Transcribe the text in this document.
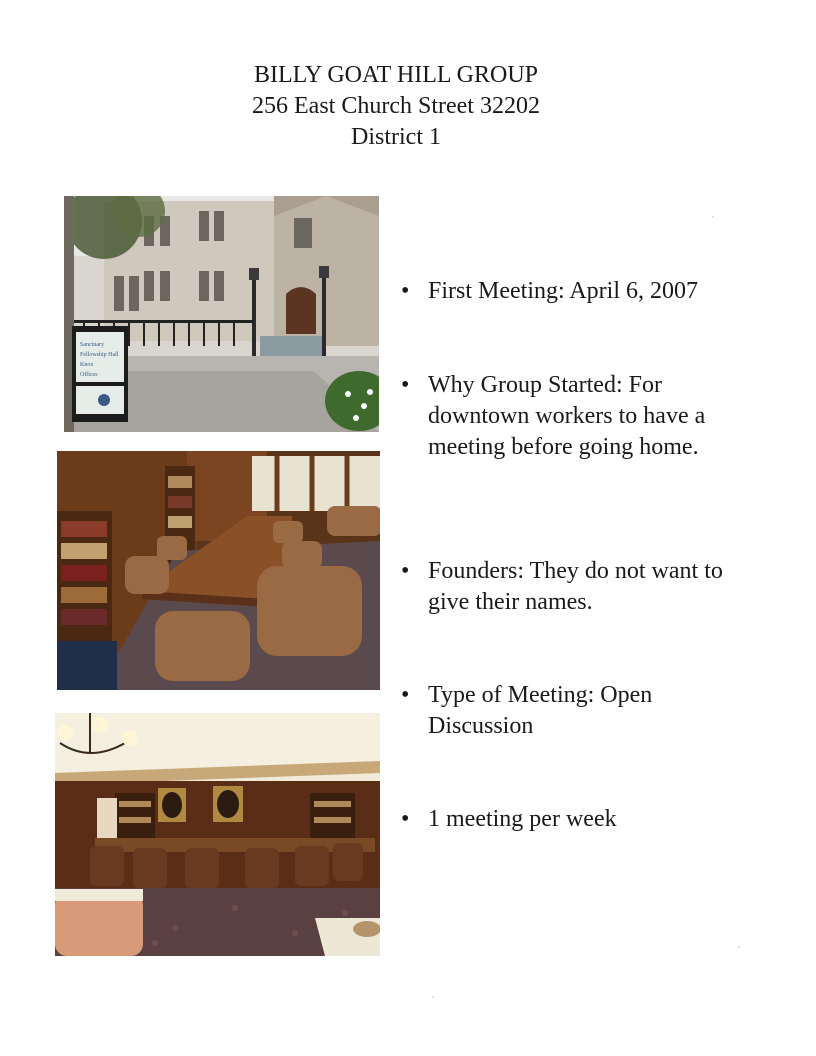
BILLY GOAT HILL GROUP
256 East Church Street 32202
District 1
Sanctuary
Fellowship Hall
Knox
Offices
• First Meeting: April 6, 2007
• Why Group Started: For downtown workers to have a meeting before going home.
• Founders: They do not want to give their names.
• Type of Meeting: Open Discussion
• 1 meeting per week
